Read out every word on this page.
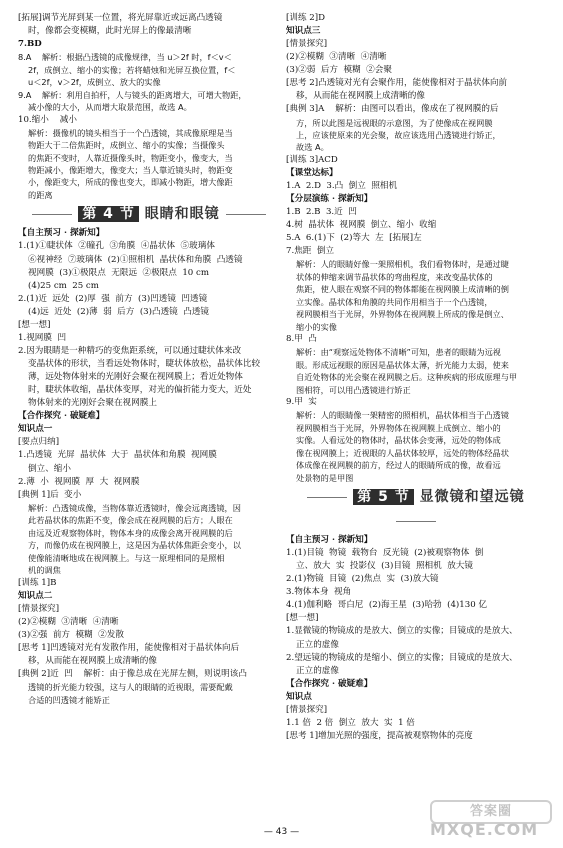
[拓展]调节光屏到某一位置，将光屏靠近或远离凸透镜
时，像都会变模糊，此时光屏上的像最清晰
7.BD
8.A    解析：根据凸透镜的成像规律，当 u＞2f 时，f＜v＜
2f，成倒立、缩小的实像；若将蜡烛和光屏互换位置，f＜
u＜2f，v＞2f，成倒立、放大的实像
9.A    解析：利用自拍杆，人与镜头的距离增大，可增大物距，
减小像的大小，从而增大取景范围，故选 A。
10.缩小    减小
解析：摄像机的镜头相当于一个凸透镜，其成像原理是当
物距大于二倍焦距时，成倒立、缩小的实像；当摄像头
的焦距不变时，人靠近摄像头时，物距变小，像变大，当
物距减小，像距增大，像变大；当人靠近镜头时，物距变
小，像距变大，所成的像也变大，即减小物距，增大像距
的距离
第 4 节 眼睛和眼镜
【自主预习 · 探新知】
1.(1)①睫状体  ②瞳孔  ③角膜  ④晶状体  ⑤玻璃体
⑥视神经  ⑦玻璃体  (2)①照相机  晶状体和角膜  凸透镜
视网膜  (3)①极限点  无限远  ②极限点  10 cm
(4)25 cm  25 cm
2.(1)近  远处  (2)厚  强  前方  (3)凹透镜  凹透镜
(4)远  近处  (2)薄  弱  后方  (3)凸透镜  凸透镜
[想一想]
1.视网膜  凹
2.因为眼睛是一种精巧的变焦距系统，可以通过睫状体来改
变晶状体的形状，当看远处物体时，睫状体放松，晶状体比较
薄，远处物体射来的光刚好会聚在视网膜上；看近处物体
时，睫状体收缩，晶状体变厚，对光的偏折能力变大，近处
物体射来的光刚好会聚在视网膜上
【合作探究 · 破疑难】
知识点一
[要点归纳]
1.凸透镜  光屏  晶状体  大于  晶状体和角膜  视网膜
倒立、缩小
2.薄  小  视网膜  厚  大  视网膜
[典例 1]后  变小
解析：凸透镜成像，当物体靠近透镜时，像会远离透镜，因
此若晶状体的焦距不变，像会成在视网膜的后方；人眼在
由远及近观察物体时，物体本身的成像会离开视网膜的后
方，而像仍成在视网膜上，这是因为晶状体焦距会变小，以
使像能清晰地成在视网膜上。与这一原理相同的是照相
机的调焦
[训练 1]B
知识点二
[情景探究]
(2)②模糊  ③清晰  ④清晰
(3)②强  前方  模糊  ②发散
[思考 1]凹透镜对光有发散作用，能使像相对于晶状体向后
移，从而能在视网膜上成清晰的像
[典例 2]近  凹    解析：由于像总成在光屏左侧，则说明该凸
透镜的折光能力较强，这与人的眼睛的近视眼，需要配戴
合适的凹透镜才能矫正
[训练 2]D
知识点三
[情景探究]
(2)②模糊  ③清晰  ④清晰
(3)②弱  后方  模糊  ②会聚
[思考 2]凸透镜对光有会聚作用，能使像相对于晶状体向前
移，从而能在视网膜上成清晰的像
[典例 3]A    解析：由图可以看出，像成在了视网膜的后
方，所以此图是远视眼的示意图，为了使像成在视网膜
上，应该使原来的光会聚，故应该选用凸透镜进行矫正，
故选 A。
[训练 3]ACD
【课堂达标】
1.A  2.D  3.凸  倒立  照相机
【分层演练 · 探新知】
1.B  2.B  3.近  凹
4.树  晶状体  视网膜  倒立、缩小  收缩
5.A  6.(1)下  (2)等大  左  [拓展]左
7.焦距  倒立
解析：人的眼睛好像一架照相机，我们看物体时，是通过睫
状体的伸缩来调节晶状体的弯曲程度，来改变晶状体的
焦距，使人眼在观察不同的物体都能在视网膜上成清晰的倒
立实像。晶状体和角膜的共同作用相当于一个凸透镜，
视网膜相当于光屏，外界物体在视网膜上所成的像是倒立、
缩小的实像
8.甲  凸
解析：由“观察远处物体不清晰”可知，患者的眼睛为远视
眼。形成远视眼的原因是晶状体太薄，折光能力太弱，使来
自近处物体的光会聚在视网膜之后。这种疾病的形成原理与甲
图相符，可以用凸透镜进行矫正
9.甲  实
解析：人的眼睛像一架精密的照相机，晶状体相当于凸透镜
视网膜相当于光屏，外界物体在视网膜上成倒立、缩小的
实像。人看远处的物体时，晶状体会变薄，远处的物体成
像在视网膜上；近视眼的人晶状体较厚，远处的物体经晶状
体成像在视网膜的前方，经过人的眼睛所成的像，故看远
处景物的是甲图
第 5 节 显微镜和望远镜
【自主预习 · 探新知】
1.(1)目镜  物镜  载物台  反光镜  (2)被观察物体  倒
立、放大  实  投影仪  (3)目镜  照相机  放大镜
2.(1)物镜  目镜  (2)焦点  实  (3)放大镜
3.物体本身  视角
4.(1)伽利略  哥白尼  (2)海王星  (3)哈勃  (4)130 亿
[想一想]
1.显微镜的物镜成的是放大、倒立的实像；目镜成的是放大、
正立的虚像
2.望远镜的物镜成的是缩小、倒立的实像；目镜成的是放大、
正立的虚像
【合作探究 · 破疑难】
知识点
[情景探究]
1.1 倍  2 倍  倒立  放大  实  1 倍
[思考 1]增加光照的强度，提高被观察物体的亮度
— 43 —
答案圈
MXQE.COM
